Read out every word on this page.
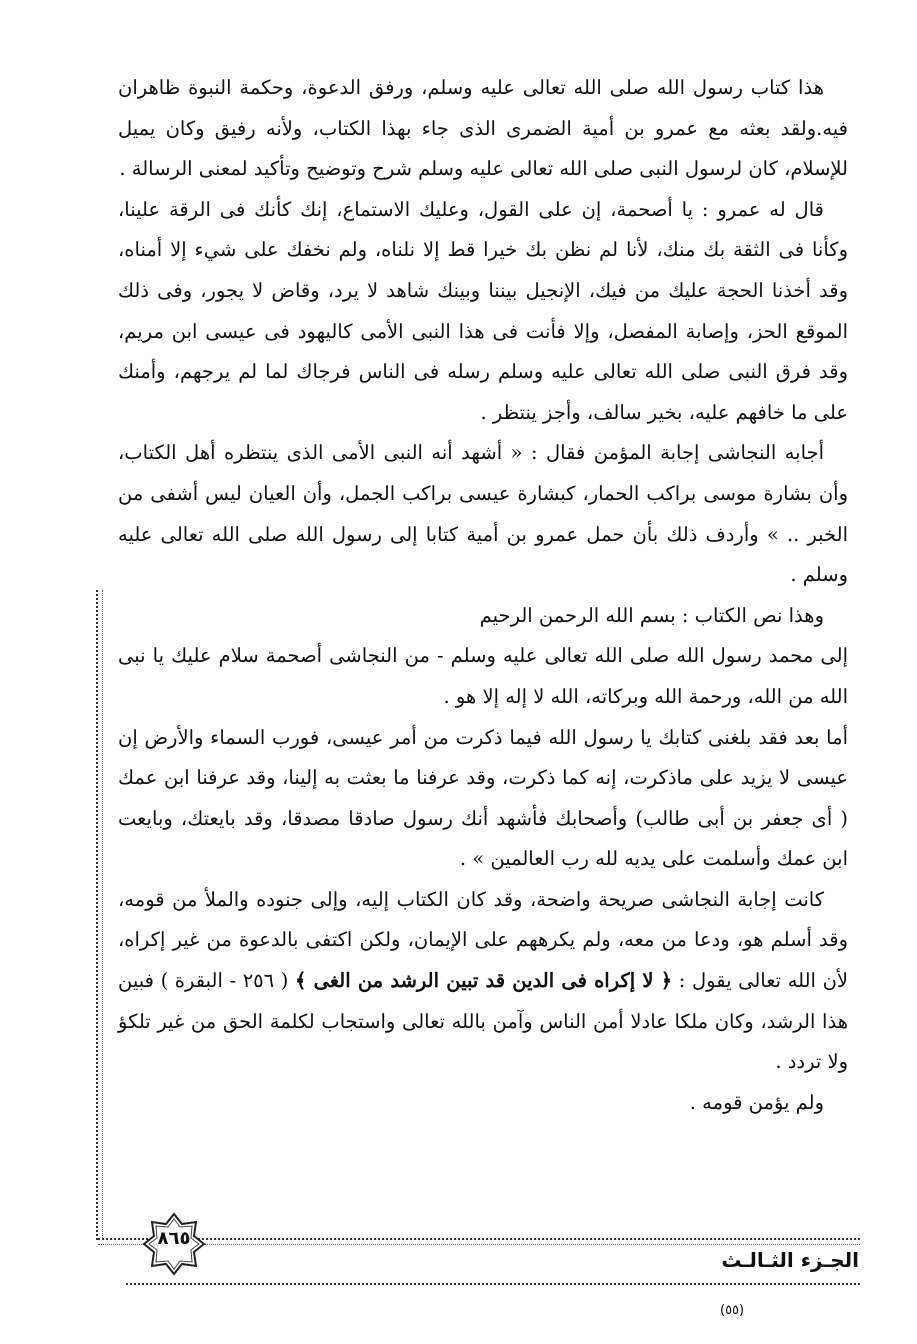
هذا كتاب رسول الله صلى الله تعالى عليه وسلم، ورفق الدعوة، وحكمة النبوة ظاهران فيه.ولقد بعثه مع عمرو بن أمية الضمرى الذى جاء بهذا الكتاب، ولأنه رفيق وكان يميل للإسلام، كان لرسول النبى صلى الله تعالى عليه وسلم شرح وتوضيح وتأكيد لمعنى الرسالة .

قال له عمرو : يا أصحمة، إن على القول، وعليك الاستماع، إنك كأنك فى الرقة علينا، وكأنا فى الثقة بك منك، لأنا لم نظن بك خيرا قط إلا نلناه، ولم نخفك على شيء إلا أمناه، وقد أخذنا الحجة عليك من فيك، الإنجيل بيننا وبينك شاهد لا يرد، وقاض لا يجور، وفى ذلك الموقع الحز، وإصابة المفصل، وإلا فأنت فى هذا النبى الأمى كاليهود فى عيسى ابن مريم، وقد فرق النبى صلى الله تعالى عليه وسلم رسله فى الناس فرجاك لما لم يرجهم، وأمنك على ما خافهم عليه، بخير سالف، وأجز ينتظر .

أجابه النجاشى إجابة المؤمن فقال : « أشهد أنه النبى الأمى الذى ينتظره أهل الكتاب، وأن بشارة موسى براكب الحمار، كبشارة عيسى براكب الجمل، وأن العيان ليس أشفى من الخبر .. » وأردف ذلك بأن حمل عمرو بن أمية كتابا إلى رسول الله صلى الله تعالى عليه وسلم .

وهذا نص الكتاب : بسم الله الرحمن الرحيم

إلى محمد رسول الله صلى الله تعالى عليه وسلم - من النجاشى أصحمة سلام عليك يا نبى الله من الله، ورحمة الله وبركاته، الله لا إله إلا هو .

أما بعد فقد بلغنى كتابك يا رسول الله فيما ذكرت من أمر عيسى، فورب السماء والأرض إن عيسى لا يزيد على ماذكرت، إنه كما ذكرت، وقد عرفنا ما بعثت به إلينا، وقد عرفنا ابن عمك ( أى جعفر بن أبى طالب) وأصحابك فأشهد أنك رسول صادقا مصدقا، وقد بايعتك، وبايعت ابن عمك وأسلمت على يديه لله رب العالمين » .

كانت إجابة النجاشى صريحة واضحة، وقد كان الكتاب إليه، وإلى جنوده والملأ من قومه، وقد أسلم هو، ودعا من معه، ولم يكرههم على الإيمان، ولكن اكتفى بالدعوة من غير إكراه، لأن الله تعالى يقول : ﴿ لا إكراه فى الدين قد تبين الرشد من الغى ﴾ ( ٢٥٦ - البقرة ) فبين هذا الرشد، وكان ملكا عادلا أمن الناس وآمن بالله تعالى واستجاب لكلمة الحق من غير تلكؤ ولا تردد .

ولم يؤمن قومه .

٨٦٥
الجـزء الثـالـث
(٥٥)
